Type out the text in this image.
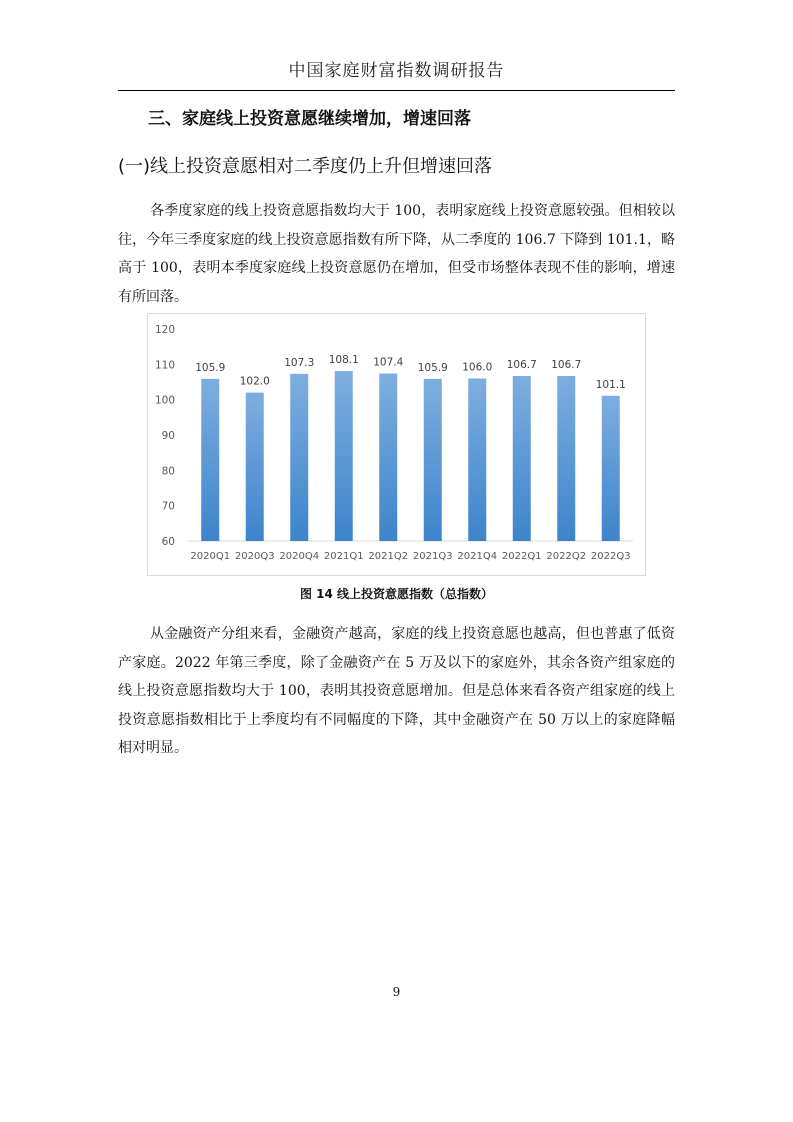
中国家庭财富指数调研报告
三、家庭线上投资意愿继续增加，增速回落
(一)线上投资意愿相对二季度仍上升但增速回落

各季度家庭的线上投资意愿指数均大于 100，表明家庭线上投资意愿较强。但相较以往，今年三季度家庭的线上投资意愿指数有所下降，从二季度的 106.7 下降到 101.1，略高于 100，表明本季度家庭线上投资意愿仍在增加，但受市场整体表现不佳的影响，增速有所回落。

60
70
80
90
100
110
120
105.9
2020Q1
102.0
2020Q3
107.3
2020Q4
108.1
2021Q1
107.4
2021Q2
105.9
2021Q3
106.0
2021Q4
106.7
2022Q1
106.7
2022Q2
101.1
2022Q3
图 14 线上投资意愿指数（总指数）

从金融资产分组来看，金融资产越高，家庭的线上投资意愿也越高，但也普惠了低资产家庭。2022 年第三季度，除了金融资产在 5 万及以下的家庭外，其余各资产组家庭的线上投资意愿指数均大于 100，表明其投资意愿增加。但是总体来看各资产组家庭的线上投资意愿指数相比于上季度均有不同幅度的下降，其中金融资产在 50 万以上的家庭降幅相对明显。

9
